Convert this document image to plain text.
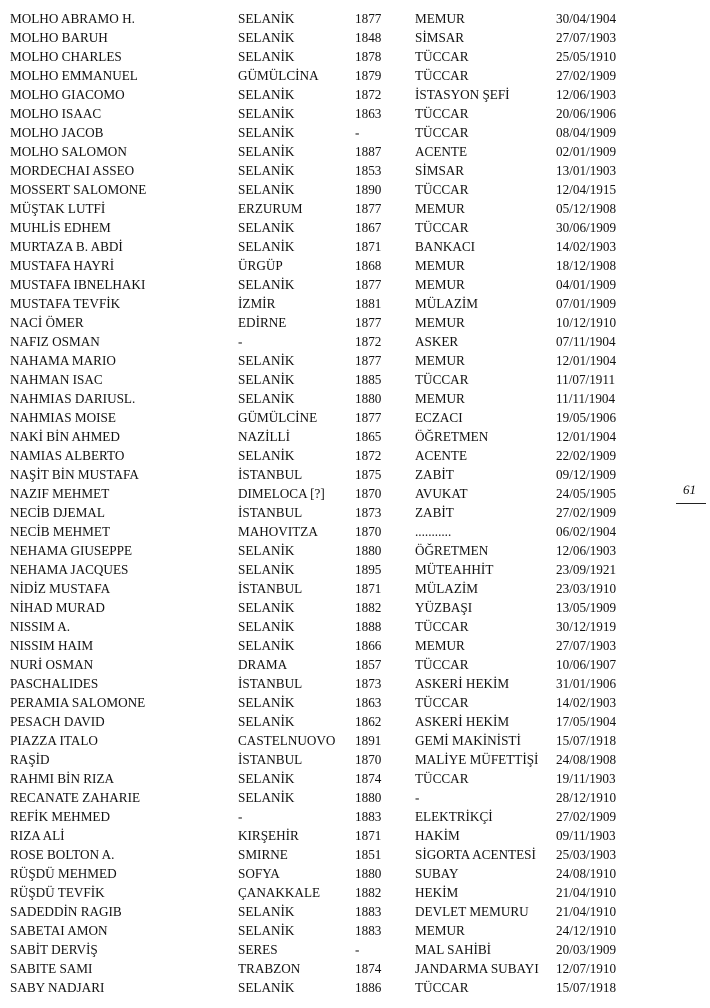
MOLHO ABRAMO H.	SELANİK	1877	MEMUR	30/04/1904
MOLHO BARUH	SELANİK	1848	SİMSAR	27/07/1903
MOLHO CHARLES	SELANİK	1878	TÜCCAR	25/05/1910
MOLHO EMMANUEL	GÜMÜLCİNA	1879	TÜCCAR	27/02/1909
MOLHO GIACOMO	SELANİK	1872	İSTASYON ŞEFİ	12/06/1903
MOLHO ISAAC	SELANİK	1863	TÜCCAR	20/06/1906
MOLHO JACOB	SELANİK	-	TÜCCAR	08/04/1909
MOLHO SALOMON	SELANİK	1887	ACENTE	02/01/1909
MORDECHAI ASSEO	SELANİK	1853	SİMSAR	13/01/1903
MOSSERT SALOMONE	SELANİK	1890	TÜCCAR	12/04/1915
MÜŞTAK LUTFİ	ERZURUM	1877	MEMUR	05/12/1908
MUHLİS EDHEM	SELANİK	1867	TÜCCAR	30/06/1909
MURTAZA B. ABDİ	SELANİK	1871	BANKACI	14/02/1903
MUSTAFA HAYRİ	ÜRGÜP	1868	MEMUR	18/12/1908
MUSTAFA IBNELHAKI	SELANİK	1877	MEMUR	04/01/1909
MUSTAFA TEVFİK	İZMİR	1881	MÜLAZİM	07/01/1909
NACİ ÖMER	EDİRNE	1877	MEMUR	10/12/1910
NAFIZ OSMAN	-	1872	ASKER	07/11/1904
NAHAMA MARIO	SELANİK	1877	MEMUR	12/01/1904
NAHMAN ISAC	SELANİK	1885	TÜCCAR	11/07/1911
NAHMIAS DARIUSL.	SELANİK	1880	MEMUR	11/11/1904
NAHMIAS MOISE	GÜMÜLCİNE	1877	ECZACI	19/05/1906
NAKİ BİN AHMED	NAZİLLİ	1865	ÖĞRETMEN	12/01/1904
NAMIAS ALBERTO	SELANİK	1872	ACENTE	22/02/1909
NAŞİT BİN MUSTAFA	İSTANBUL	1875	ZABİT	09/12/1909
NAZIF MEHMET	DIMELOCA [?] 1870	AVUKAT	24/05/1905
NECİB DJEMAL	İSTANBUL	1873	ZABİT	27/02/1909
NECİB MEHMET	MAHOVITZA	1870	...........	06/02/1904
NEHAMA GIUSEPPE	SELANİK	1880	ÖĞRETMEN	12/06/1903
NEHAMA JACQUES	SELANİK	1895	MÜTEAHHİT	23/09/1921
NİDİZ MUSTAFA	İSTANBUL	1871	MÜLAZİM	23/03/1910
NİHAD MURAD	SELANİK	1882	YÜZBAŞI	13/05/1909
NISSIM A.	SELANİK	1888	TÜCCAR	30/12/1919
NISSIM HAIM	SELANİK	1866	MEMUR	27/07/1903
NURİ OSMAN	DRAMA	1857	TÜCCAR	10/06/1907
PASCHALIDES	İSTANBUL	1873	ASKERİ HEKİM	31/01/1906
PERAMIA SALOMONE	SELANİK	1863	TÜCCAR	14/02/1903
PESACH DAVID	SELANİK	1862	ASKERİ HEKİM	17/05/1904
PIAZZA ITALO	CASTELNUOVO 1891	GEMİ MAKİNİSTİ	15/07/1918
RAŞİD	İSTANBUL	1870	MALİYE MÜFETTİŞİ 24/08/1908
RAHMI BİN RIZA	SELANİK	1874	TÜCCAR	19/11/1903
RECANATE ZAHARIE	SELANİK	1880	-	28/12/1910
REFİK MEHMED	-	1883	ELEKTRİKÇİ	27/02/1909
RIZA ALİ	KIRŞEHİR	1871	HAKİM	09/11/1903
ROSE BOLTON A.	SMIRNE	1851	SİGORTA ACENTESİ 25/03/1903
RÜŞDÜ MEHMED	SOFYA	1880	SUBAY	24/08/1910
RÜŞDÜ TEVFİK	ÇANAKKALE	1882	HEKİM	21/04/1910
SADEDDİN RAGIB	SELANİK	1883	DEVLET MEMURU 21/04/1910
SABETAI AMON	SELANİK	1883	MEMUR	24/12/1910
SABİT DERVİŞ	SERES	-	MAL SAHİBİ	20/03/1909
SABITE SAMI	TRABZON	1874	JANDARMA SUBAYI 12/07/1910
SABY NADJARI	SELANİK	1886	TÜCCAR	15/07/1918
61
